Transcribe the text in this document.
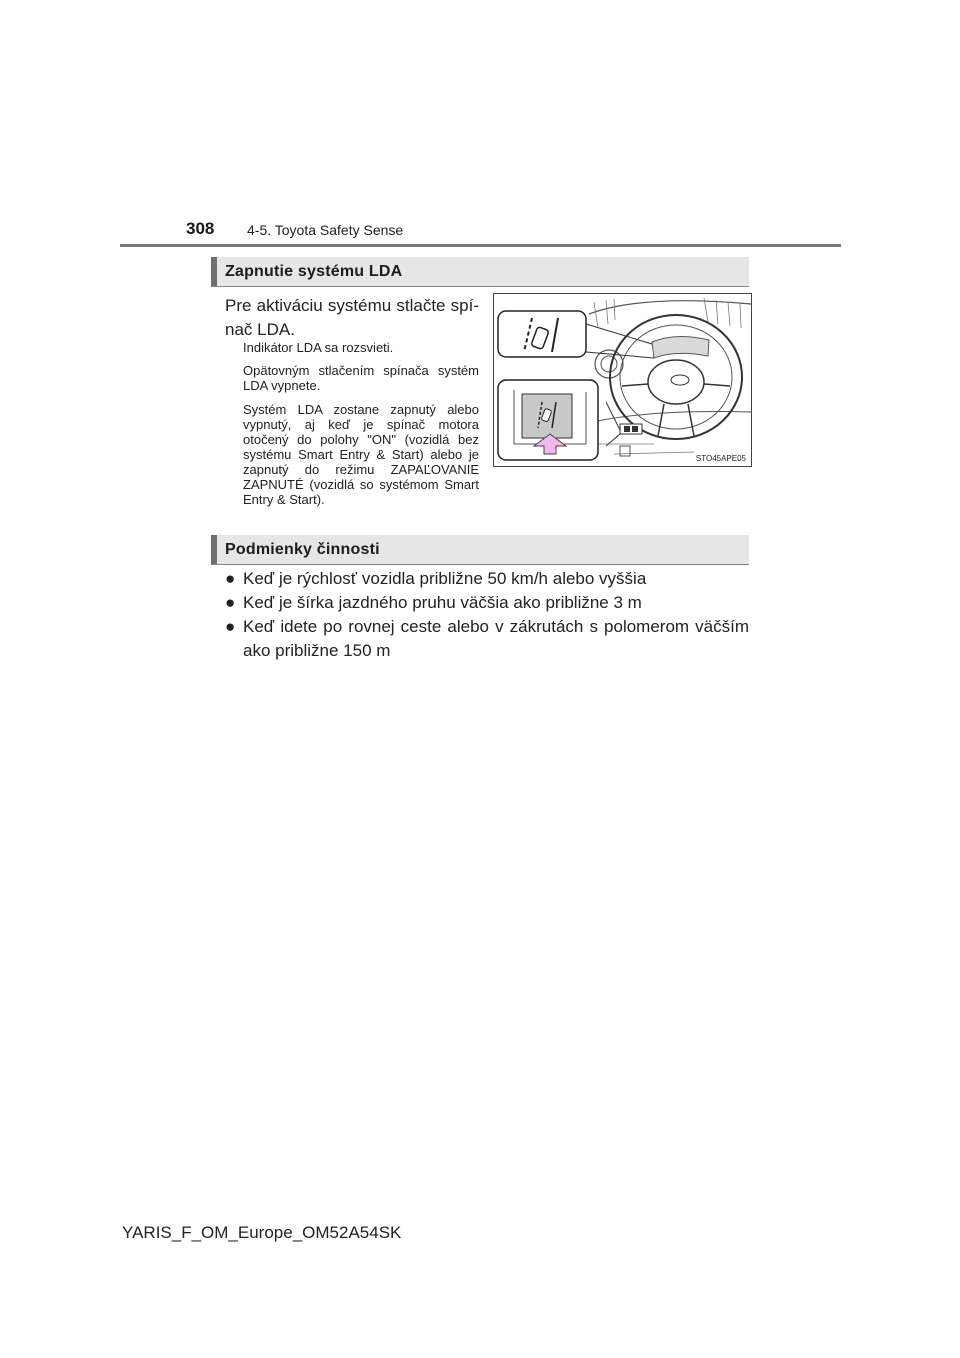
308 4-5. Toyota Safety Sense
Zapnutie systému LDA
Pre aktiváciu systému stlačte spínač LDA.
Indikátor LDA sa rozsvieti.
Opätovným stlačením spínača systém LDA vypnete.
Systém LDA zostane zapnutý alebo vypnutý, aj keď je spínač motora otočený do polohy "ON" (vozidlá bez systému Smart Entry & Start) alebo je zapnutý do režimu ZAPAĽOVANIE ZAPNUTÉ (vozidlá so systémom Smart Entry & Start).
STO45APE05
Podmienky činnosti
● Keď je rýchlosť vozidla približne 50 km/h alebo vyššia
● Keď je šírka jazdného pruhu väčšia ako približne 3 m
● Keď idete po rovnej ceste alebo v zákrutách s polomerom väčším ako približne 150 m
YARIS_F_OM_Europe_OM52A54SK
